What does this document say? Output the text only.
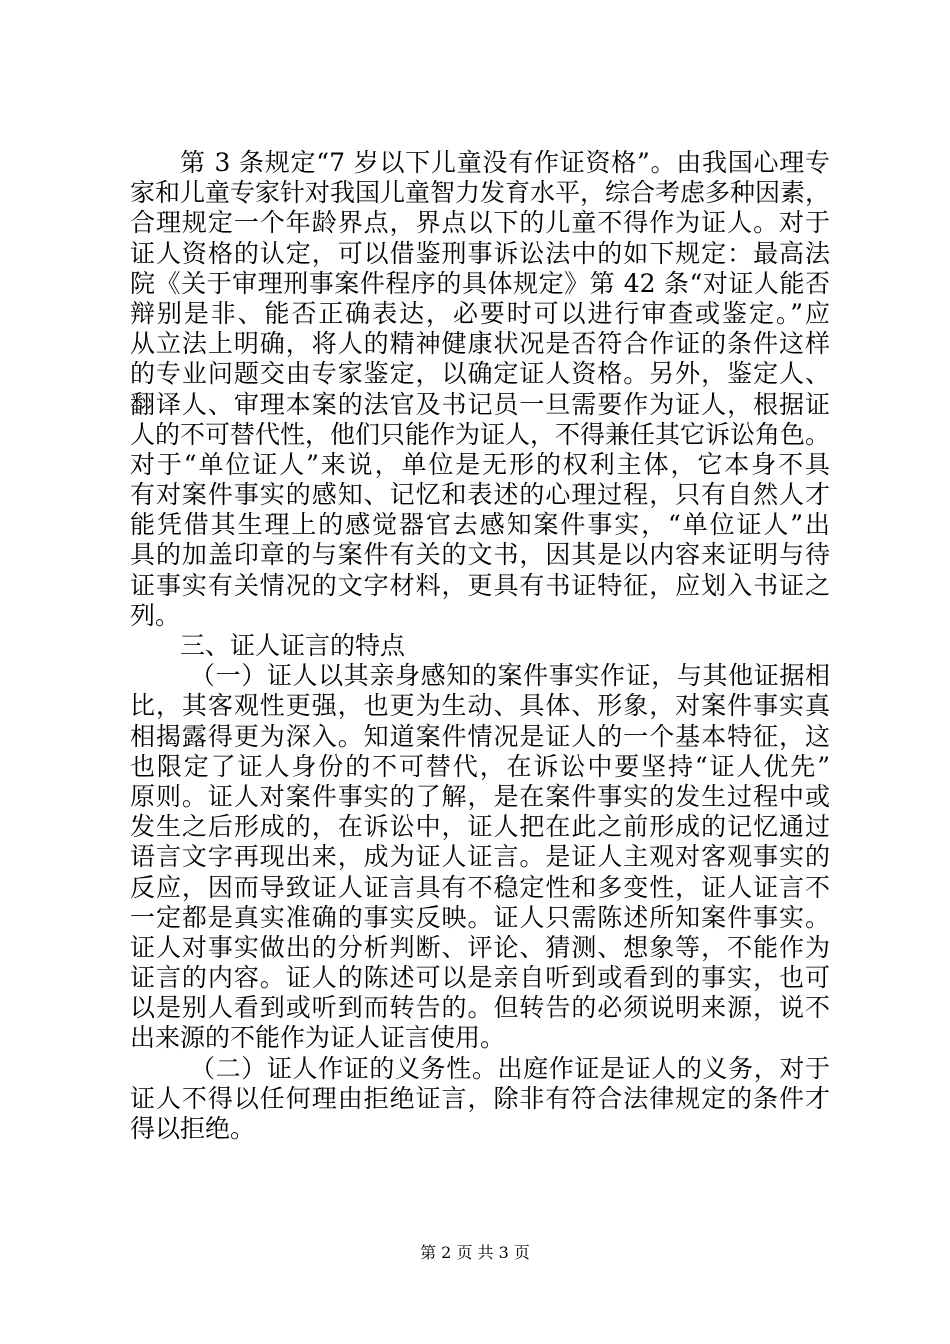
第 3 条规定“7 岁以下儿童没有作证资格”。由我国心理专
家和儿童专家针对我国儿童智力发育水平，综合考虑多种因素，
合理规定一个年龄界点，界点以下的儿童不得作为证人。对于
证人资格的认定，可以借鉴刑事诉讼法中的如下规定：最高法
院《关于审理刑事案件程序的具体规定》第 42 条“对证人能否
辩别是非、能否正确表达，必要时可以进行审查或鉴定。”应
从立法上明确，将人的精神健康状况是否符合作证的条件这样
的专业问题交由专家鉴定，以确定证人资格。另外，鉴定人、
翻译人、审理本案的法官及书记员一旦需要作为证人，根据证
人的不可替代性，他们只能作为证人，不得兼任其它诉讼角色。
对于“单位证人”来说，单位是无形的权利主体，它本身不具
有对案件事实的感知、记忆和表述的心理过程，只有自然人才
能凭借其生理上的感觉器官去感知案件事实，“单位证人”出
具的加盖印章的与案件有关的文书，因其是以内容来证明与待
证事实有关情况的文字材料，更具有书证特征，应划入书证之
列。
三、证人证言的特点
（一）证人以其亲身感知的案件事实作证，与其他证据相
比，其客观性更强，也更为生动、具体、形象，对案件事实真
相揭露得更为深入。知道案件情况是证人的一个基本特征，这
也限定了证人身份的不可替代，在诉讼中要坚持“证人优先”
原则。证人对案件事实的了解，是在案件事实的发生过程中或
发生之后形成的，在诉讼中，证人把在此之前形成的记忆通过
语言文字再现出来，成为证人证言。是证人主观对客观事实的
反应，因而导致证人证言具有不稳定性和多变性，证人证言不
一定都是真实准确的事实反映。证人只需陈述所知案件事实。
证人对事实做出的分析判断、评论、猜测、想象等，不能作为
证言的内容。证人的陈述可以是亲自听到或看到的事实，也可
以是别人看到或听到而转告的。但转告的必须说明来源，说不
出来源的不能作为证人证言使用。
（二）证人作证的义务性。出庭作证是证人的义务，对于
证人不得以任何理由拒绝证言，除非有符合法律规定的条件才
得以拒绝。
第 2 页 共 3 页
